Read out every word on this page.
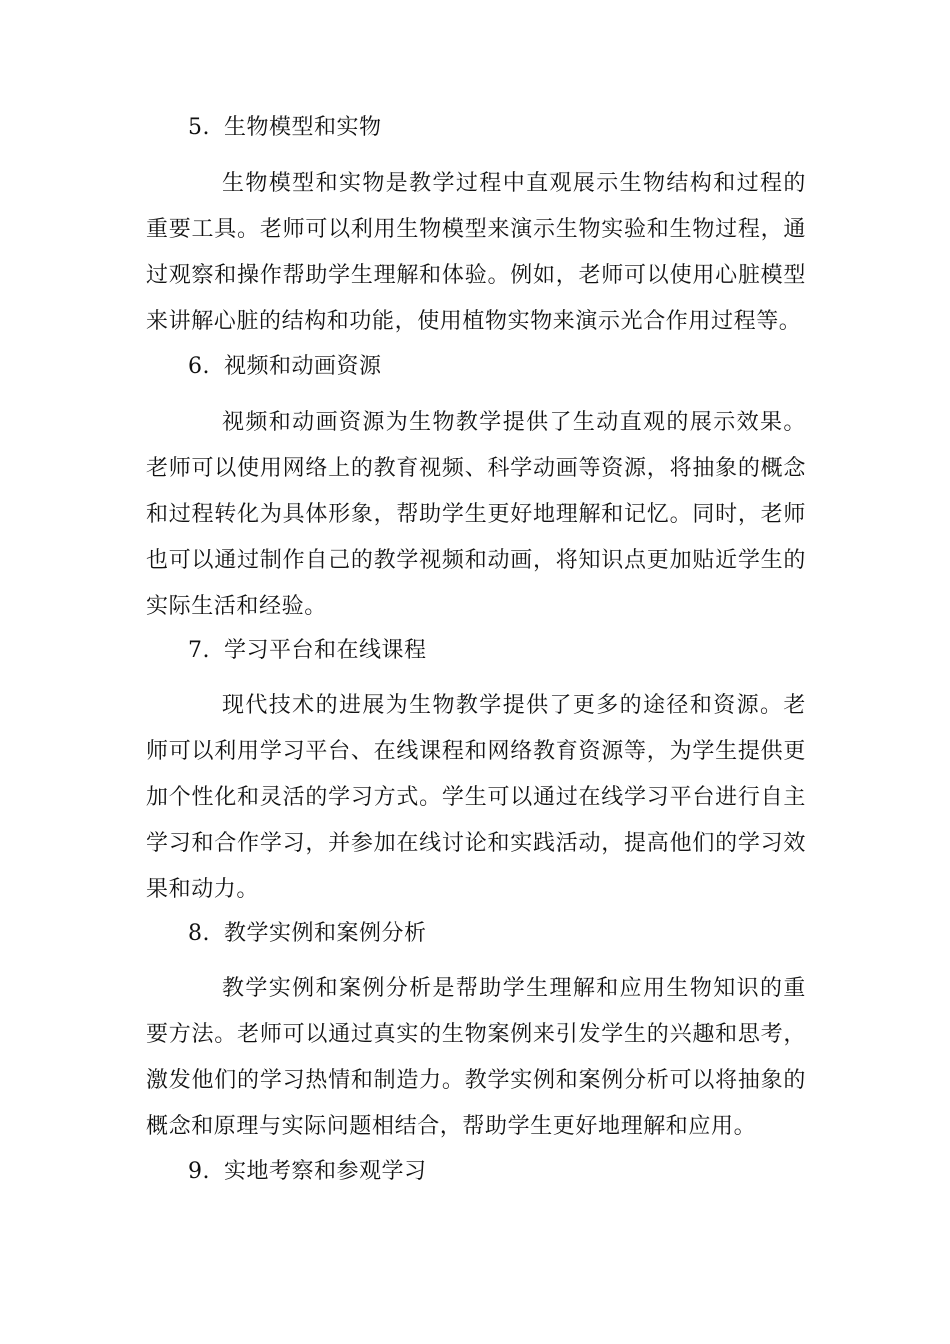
5. 生物模型和实物

生物模型和实物是教学过程中直观展示生物结构和过程的重要工具。老师可以利用生物模型来演示生物实验和生物过程，通过观察和操作帮助学生理解和体验。例如，老师可以使用心脏模型来讲解心脏的结构和功能，使用植物实物来演示光合作用过程等。

6. 视频和动画资源

视频和动画资源为生物教学提供了生动直观的展示效果。老师可以使用网络上的教育视频、科学动画等资源，将抽象的概念和过程转化为具体形象，帮助学生更好地理解和记忆。同时，老师也可以通过制作自己的教学视频和动画，将知识点更加贴近学生的实际生活和经验。

7. 学习平台和在线课程

现代技术的进展为生物教学提供了更多的途径和资源。老师可以利用学习平台、在线课程和网络教育资源等，为学生提供更加个性化和灵活的学习方式。学生可以通过在线学习平台进行自主学习和合作学习，并参加在线讨论和实践活动，提高他们的学习效果和动力。

8. 教学实例和案例分析

教学实例和案例分析是帮助学生理解和应用生物知识的重要方法。老师可以通过真实的生物案例来引发学生的兴趣和思考，激发他们的学习热情和制造力。教学实例和案例分析可以将抽象的概念和原理与实际问题相结合，帮助学生更好地理解和应用。

9. 实地考察和参观学习
